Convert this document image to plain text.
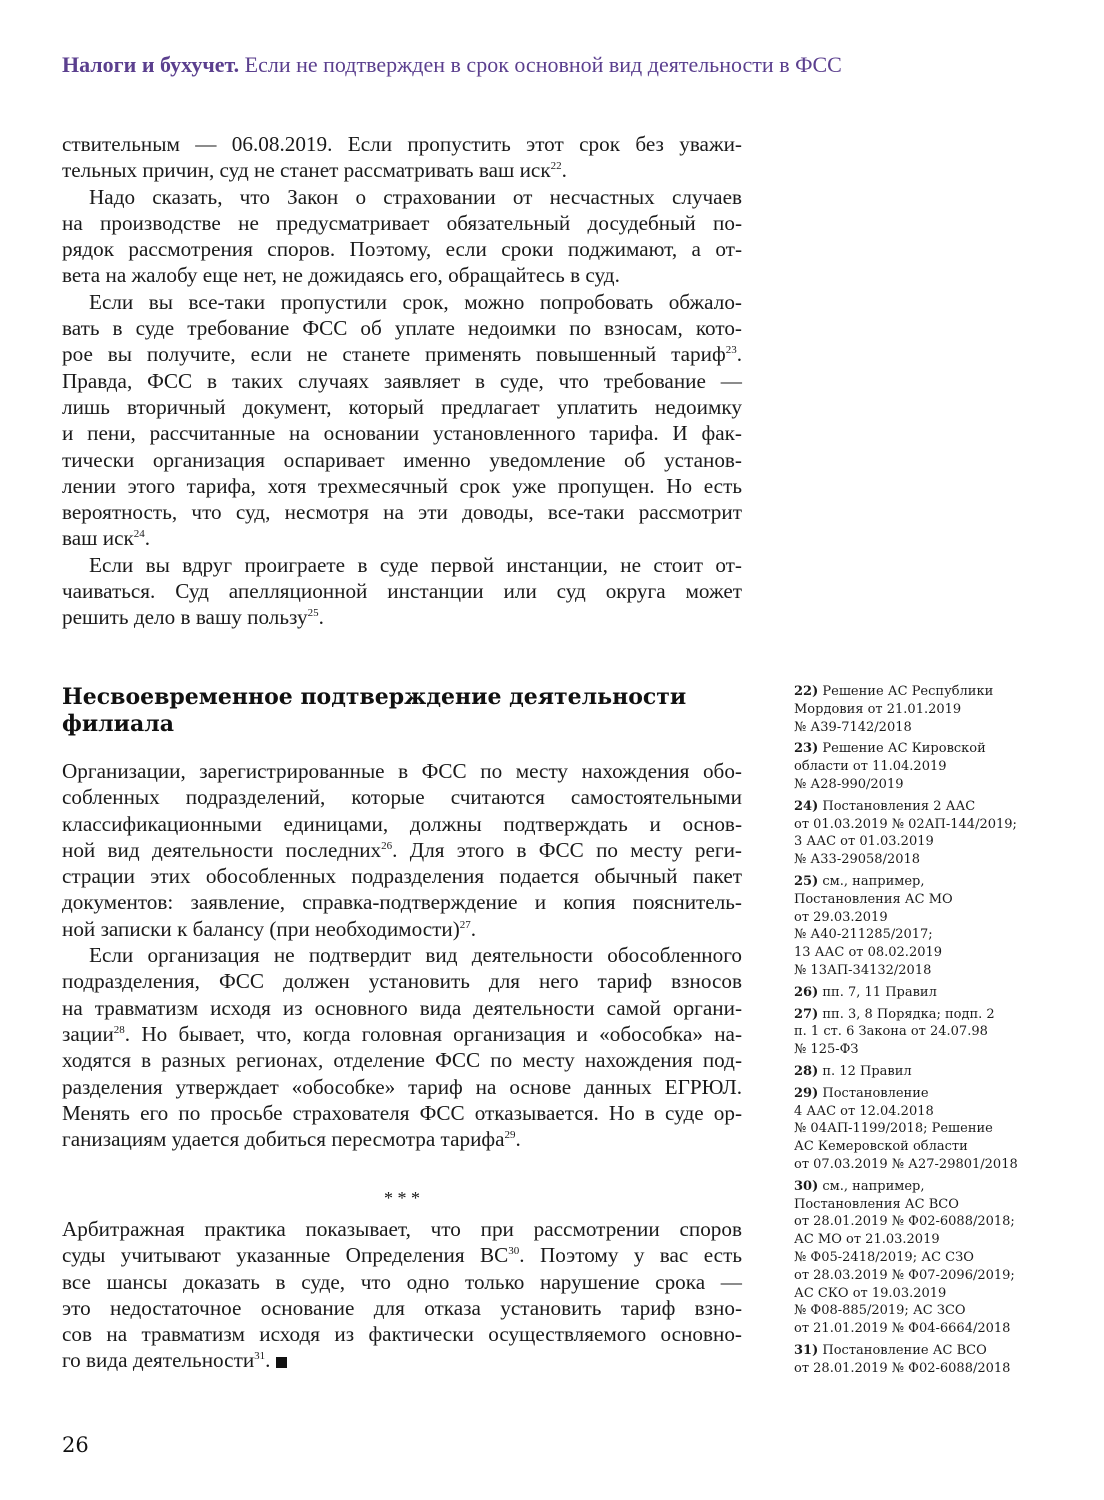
Налоги и бухучет. Если не подтвержден в срок основной вид деятельности в ФСС
ствительным — 06.08.2019. Если пропустить этот срок без уважи-
тельных причин, суд не станет рассматривать ваш иск$^{22}$.
Надо сказать, что Закон о страховании от несчастных случаев
на производстве не предусматривает обязательный досудебный по-
рядок рассмотрения споров. Поэтому, если сроки поджимают, а от-
вета на жалобу еще нет, не дожидаясь его, обращайтесь в суд.
Если вы все-таки пропустили срок, можно попробовать обжало-
вать в суде требование ФСС об уплате недоимки по взносам, кото-
рое вы получите, если не станете применять повышенный тариф$^{23}$.
Правда, ФСС в таких случаях заявляет в суде, что требование —
лишь вторичный документ, который предлагает уплатить недоимку
и пени, рассчитанные на основании установленного тарифа. И фак-
тически организация оспаривает именно уведомление об установ-
лении этого тарифа, хотя трехмесячный срок уже пропущен. Но есть
вероятность, что суд, несмотря на эти доводы, все-таки рассмотрит
ваш иск$^{24}$.
Если вы вдруг проиграете в суде первой инстанции, не стоит от-
чаиваться. Суд апелляционной инстанции или суд округа может
решить дело в вашу пользу$^{25}$.
Несвоевременное подтверждение деятельности
филиала
Организации, зарегистрированные в ФСС по месту нахождения обо-
собленных подразделений, которые считаются самостоятельными
классификационными единицами, должны подтверждать и основ-
ной вид деятельности последних$^{26}$. Для этого в ФСС по месту реги-
страции этих обособленных подразделения подается обычный пакет
документов: заявление, справка-подтверждение и копия пояснитель-
ной записки к балансу (при необходимости)$^{27}$.
Если организация не подтвердит вид деятельности обособленного
подразделения, ФСС должен установить для него тариф взносов
на травматизм исходя из основного вида деятельности самой органи-
зации$^{28}$. Но бывает, что, когда головная организация и «обособка» на-
ходятся в разных регионах, отделение ФСС по месту нахождения под-
разделения утверждает «обособке» тариф на основе данных ЕГРЮЛ.
Менять его по просьбе страхователя ФСС отказывается. Но в суде ор-
ганизациям удается добиться пересмотра тарифа$^{29}$.
* * *
Арбитражная практика показывает, что при рассмотрении споров
суды учитывают указанные Определения ВС$^{30}$. Поэтому у вас есть
все шансы доказать в суде, что одно только нарушение срока —
это недостаточное основание для отказа установить тариф взно-
сов на травматизм исходя из фактически осуществляемого основно-
го вида деятельности$^{31}$.
22) Решение АС Республики
Мордовия от 21.01.2019
№ А39-7142/2018
23) Решение АС Кировской
области от 11.04.2019
№ А28-990/2019
24) Постановления 2 ААС
от 01.03.2019 № 02АП-144/2019;
3 ААС от 01.03.2019
№ А33-29058/2018
25) см., например,
Постановления АС МО
от 29.03.2019
№ А40-211285/2017;
13 ААС от 08.02.2019
№ 13АП-34132/2018
26) пп. 7, 11 Правил
27) пп. 3, 8 Порядка; подп. 2
п. 1 ст. 6 Закона от 24.07.98
№ 125-ФЗ
28) п. 12 Правил
29) Постановление
4 ААС от 12.04.2018
№ 04АП-1199/2018; Решение
АС Кемеровской области
от 07.03.2019 № А27-29801/2018
30) см., например,
Постановления АС ВСО
от 28.01.2019 № Ф02-6088/2018;
АС МО от 21.03.2019
№ Ф05-2418/2019; АС СЗО
от 28.03.2019 № Ф07-2096/2019;
АС СКО от 19.03.2019
№ Ф08-885/2019; АС ЗСО
от 21.01.2019 № Ф04-6664/2018
31) Постановление АС ВСО
от 28.01.2019 № Ф02-6088/2018
26
